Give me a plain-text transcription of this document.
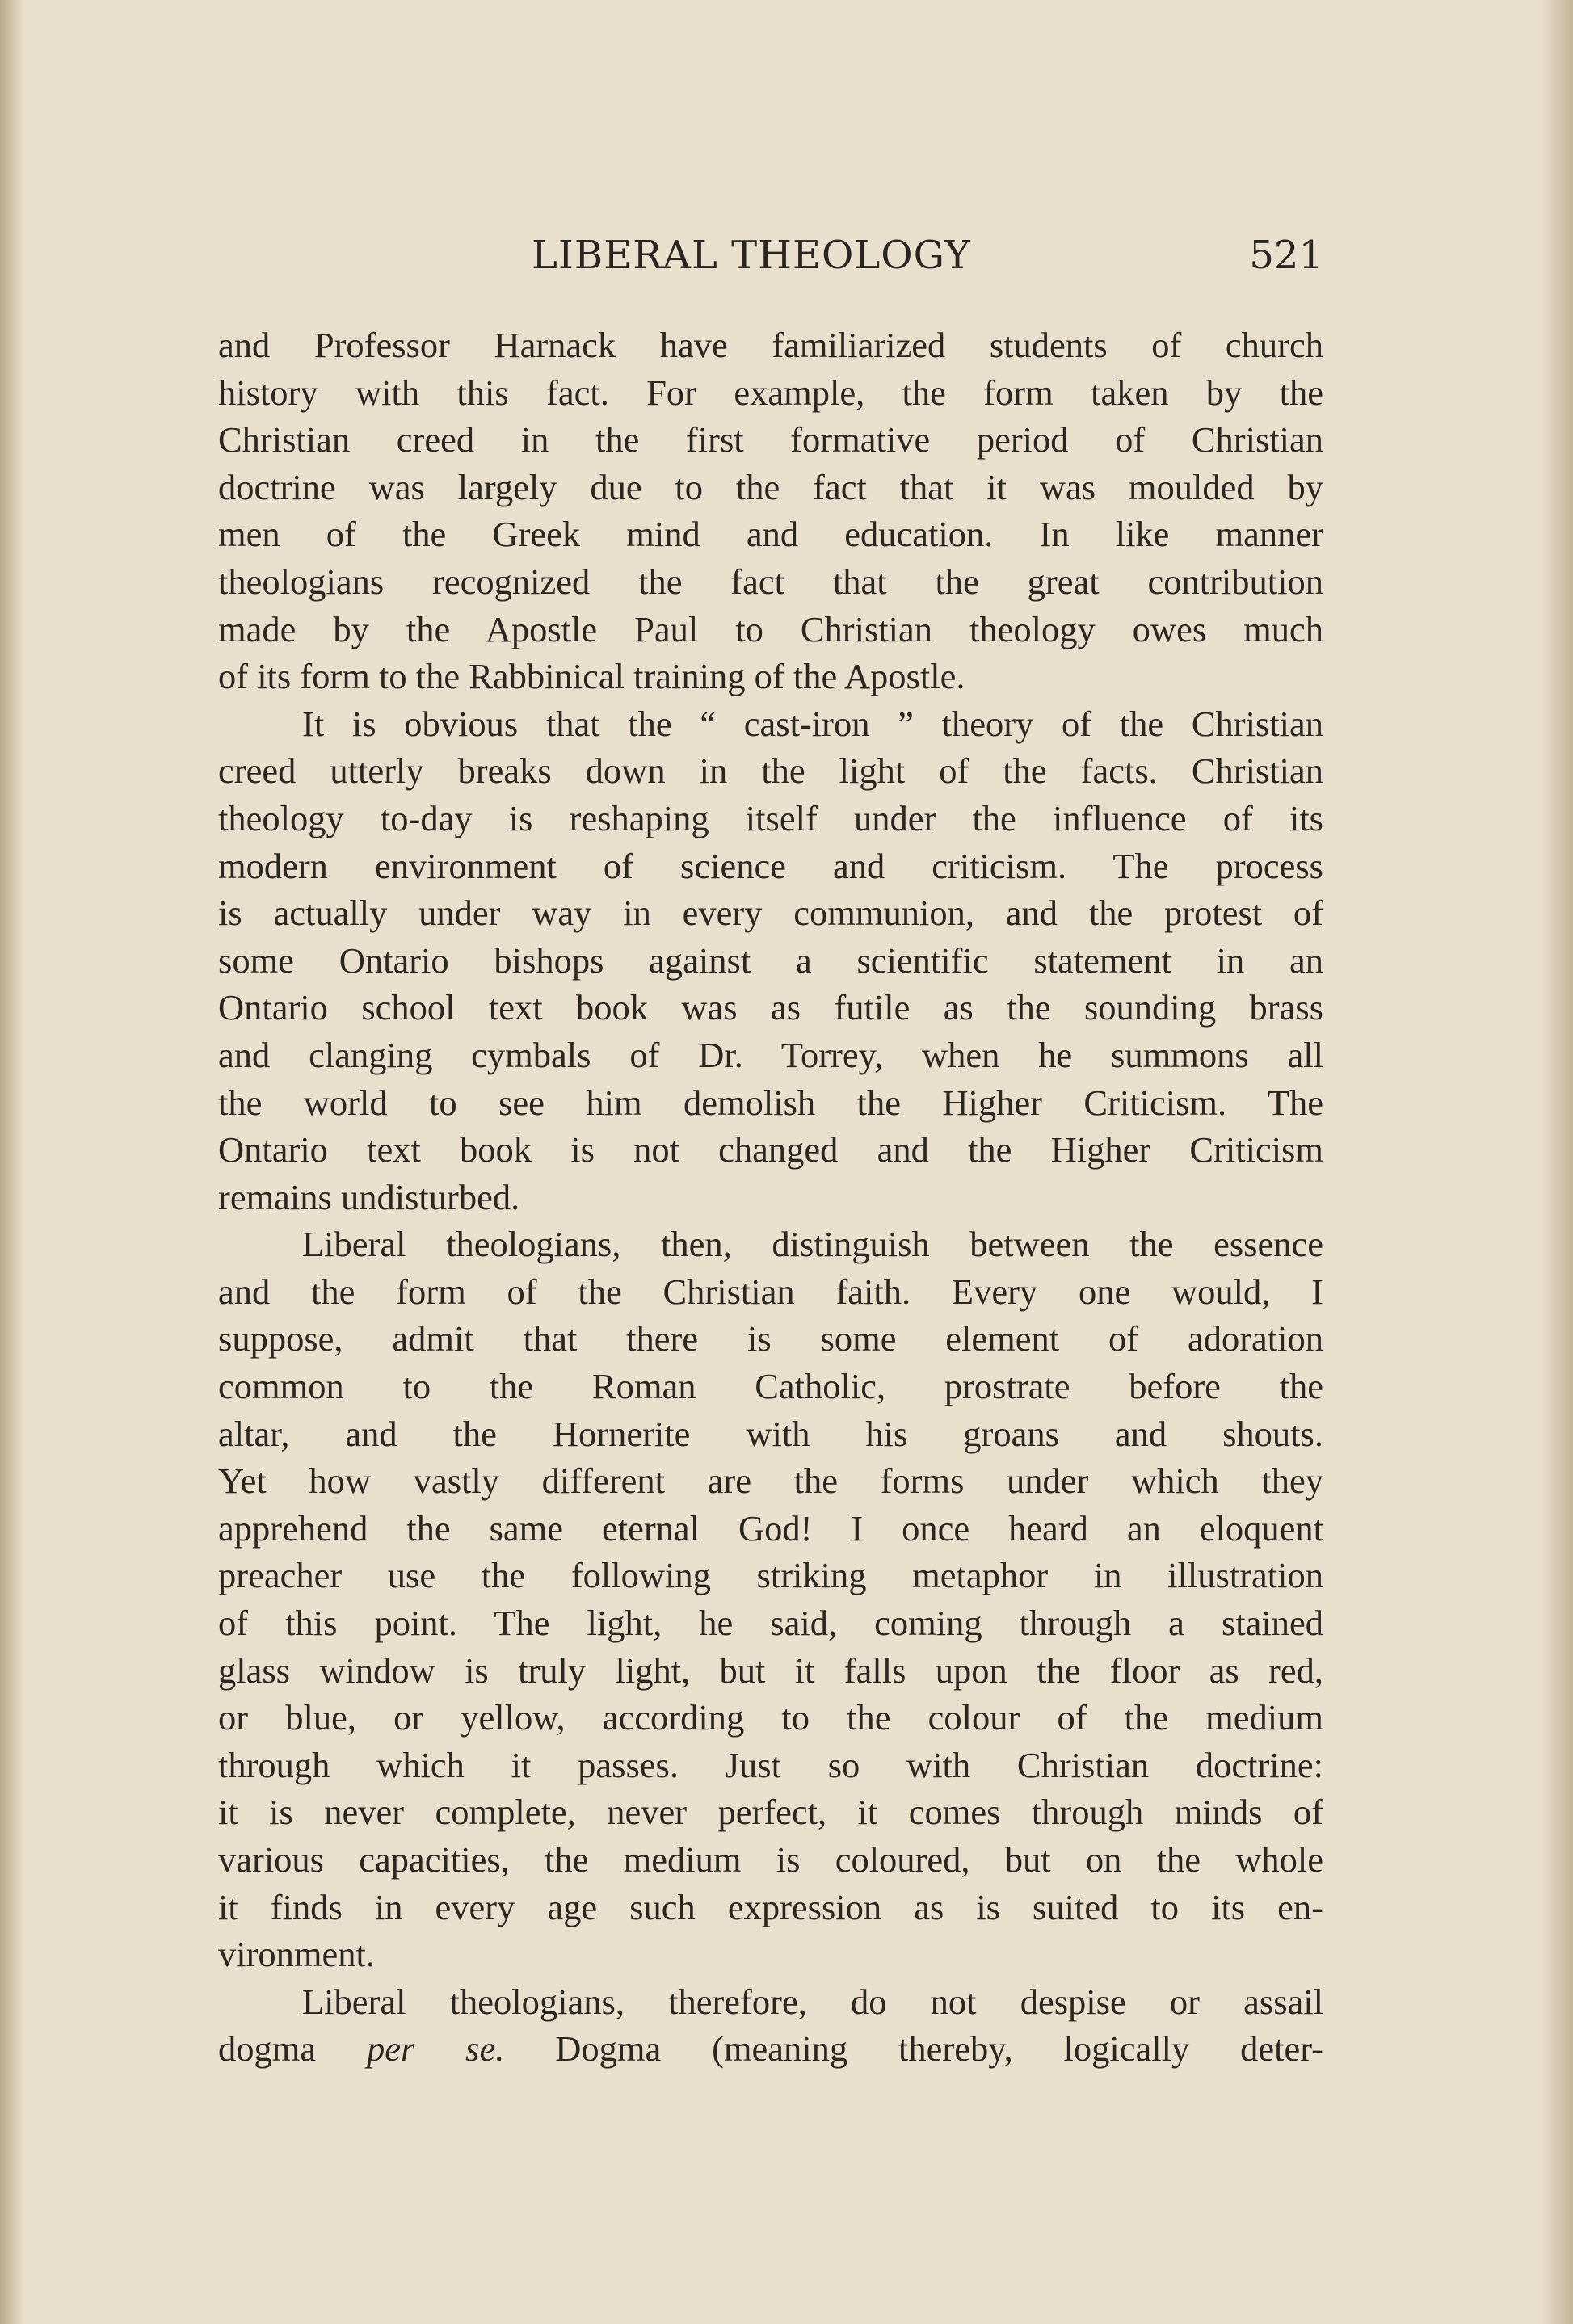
LIBERAL THEOLOGY	521
and Professor Harnack have familiarized students of church
history with this fact. For example, the form taken by the
Christian creed in the first formative period of Christian
doctrine was largely due to the fact that it was moulded by
men of the Greek mind and education. In like manner
theologians recognized the fact that the great contribution
made by the Apostle Paul to Christian theology owes much
of its form to the Rabbinical training of the Apostle.
It is obvious that the “ cast-iron ” theory of the Christian
creed utterly breaks down in the light of the facts. Christian
theology to-day is reshaping itself under the influence of its
modern environment of science and criticism. The process
is actually under way in every communion, and the protest of
some Ontario bishops against a scientific statement in an
Ontario school text book was as futile as the sounding brass
and clanging cymbals of Dr. Torrey, when he summons all
the world to see him demolish the Higher Criticism. The
Ontario text book is not changed and the Higher Criticism
remains undisturbed.
Liberal theologians, then, distinguish between the essence
and the form of the Christian faith. Every one would, I
suppose, admit that there is some element of adoration
common to the Roman Catholic, prostrate before the
altar, and the Hornerite with his groans and shouts.
Yet how vastly different are the forms under which they
apprehend the same eternal God! I once heard an eloquent
preacher use the following striking metaphor in illustration
of this point. The light, he said, coming through a stained
glass window is truly light, but it falls upon the floor as red,
or blue, or yellow, according to the colour of the medium
through which it passes. Just so with Christian doctrine:
it is never complete, never perfect, it comes through minds of
various capacities, the medium is coloured, but on the whole
it finds in every age such expression as is suited to its en-
vironment.
Liberal theologians, therefore, do not despise or assail
dogma per se. Dogma (meaning thereby, logically deter-
